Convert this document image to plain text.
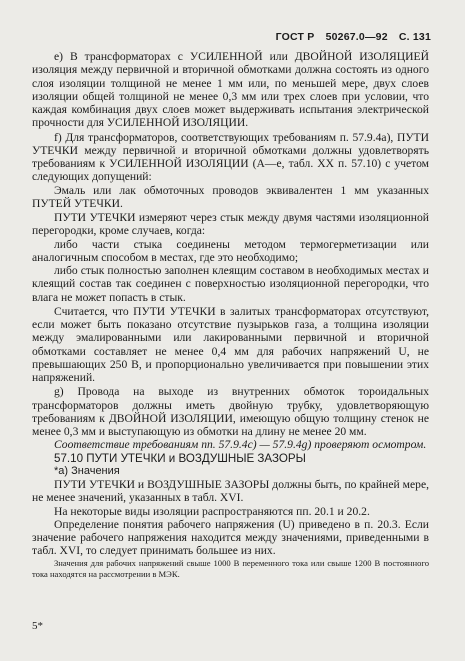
ГОСТ Р 50267.0—92 С. 131

е) В трансформаторах с УСИЛЕННОЙ или ДВОЙНОЙ ИЗОЛЯЦИЕЙ изоляция между первичной и вторичной обмотками должна состоять из одного слоя изоляции толщиной не менее 1 мм или, по меньшей мере, двух слоев изоляции общей толщиной не менее 0,3 мм или трех слоев при условии, что каждая комбинация двух слоев может выдерживать испытания электрической прочности для УСИЛЕННОЙ ИЗОЛЯЦИИ.

f) Для трансформаторов, соответствующих требованиям п. 57.9.4a), ПУТИ УТЕЧКИ между первичной и вторичной обмотками должны удовлетворять требованиям к УСИЛЕННОЙ ИЗОЛЯЦИИ (А—е, табл. XX п. 57.10) с учетом следующих допущений:

Эмаль или лак обмоточных проводов эквивалентен 1 мм указанных ПУТЕЙ УТЕЧКИ.

ПУТИ УТЕЧКИ измеряют через стык между двумя частями изоляционной перегородки, кроме случаев, когда:

либо части стыка соединены методом термогерметизации или аналогичным способом в местах, где это необходимо;

либо стык полностью заполнен клеящим составом в необходимых местах и клеящий состав так соединен с поверхностью изоляционной перегородки, что влага не может попасть в стык.

Считается, что ПУТИ УТЕЧКИ в залитых трансформаторах отсутствуют, если может быть показано отсутствие пузырьков газа, а толщина изоляции между эмалированными или лакированными первичной и вторичной обмотками составляет не менее 0,4 мм для рабочих напряжений U, не превышающих 250 В, и пропорционально увеличивается при повышении этих напряжений.

g) Провода на выходе из внутренних обмоток тороидальных трансформаторов должны иметь двойную трубку, удовлетворяющую требованиям к ДВОЙНОЙ ИЗОЛЯЦИИ, имеющую общую толщину стенок не менее 0,3 мм и выступающую из обмотки на длину не менее 20 мм.

Соответствие требованиям пп. 57.9.4c) — 57.9.4g) проверяют осмотром.

57.10 ПУТИ УТЕЧКИ и ВОЗДУШНЫЕ ЗАЗОРЫ

*а) Значения

ПУТИ УТЕЧКИ и ВОЗДУШНЫЕ ЗАЗОРЫ должны быть, по крайней мере, не менее значений, указанных в табл. XVI.

На некоторые виды изоляции распространяются пп. 20.1 и 20.2.

Определение понятия рабочего напряжения (U) приведено в п. 20.3. Если значение рабочего напряжения находится между значениями, приведенными в табл. XVI, то следует принимать большее из них.

Значения для рабочих напряжений свыше 1000 В переменного тока или свыше 1200 В постоянного тока находятся на рассмотрении в МЭК.

5*
